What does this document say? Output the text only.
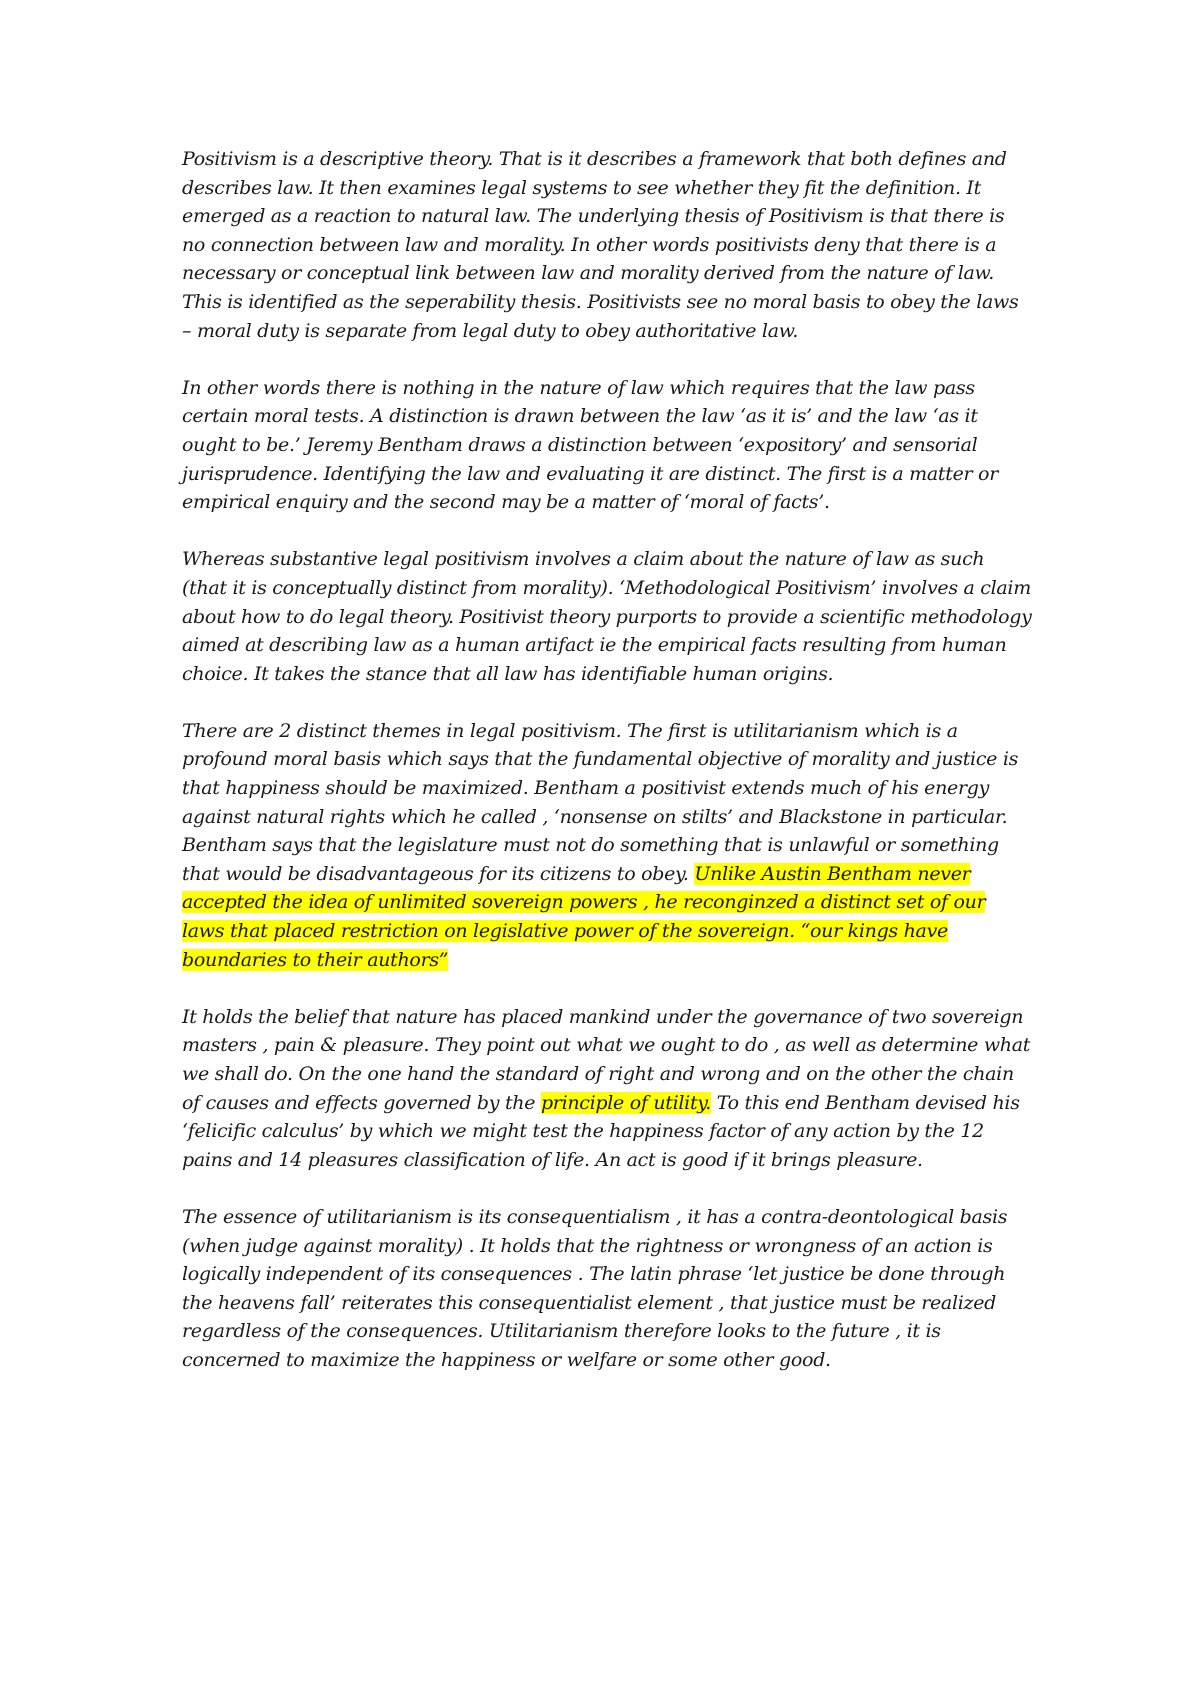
Positivism is a descriptive theory. That is it describes a framework that both defines and describes law. It then examines legal systems to see whether they fit the definition. It emerged as a reaction to natural law. The underlying thesis of Positivism is that there is no connection between law and morality. In other words positivists deny that there is a necessary or conceptual link between law and morality derived from the nature of law. This is identified as the seperability thesis. Positivists see no moral basis to obey the laws – moral duty is separate from legal duty to obey authoritative law.

In other words there is nothing in the nature of law which requires that the law pass certain moral tests. A distinction is drawn between the law ‘as it is’ and the law ‘as it ought to be.’ Jeremy Bentham draws a distinction between ‘expository’ and sensorial jurisprudence. Identifying the law and evaluating it are distinct. The first is a matter or empirical enquiry and the second may be a matter of ‘moral of facts’.

Whereas substantive legal positivism involves a claim about the nature of law as such (that it is conceptually distinct from morality). ‘Methodological Positivism’ involves a claim about how to do legal theory. Positivist theory purports to provide a scientific methodology aimed at describing law as a human artifact ie the empirical facts resulting from human choice. It takes the stance that all law has identifiable human origins.

There are 2 distinct themes in legal positivism. The first is utilitarianism which is a profound moral basis which says that the fundamental objective of morality and justice is that happiness should be maximized. Bentham a positivist extends much of his energy against natural rights which he called , ‘nonsense on stilts’ and Blackstone in particular. Bentham says that the legislature must not do something that is unlawful or something that would be disadvantageous for its citizens to obey. Unlike Austin Bentham never accepted the idea of unlimited sovereign powers , he reconginzed a distinct set of our laws that placed restriction on legislative power of the sovereign. “our kings have boundaries to their authors”

It holds the belief that nature has placed mankind under the governance of two sovereign masters , pain & pleasure. They point out what we ought to do , as well as determine what we shall do. On the one hand the standard of right and wrong and on the other the chain of causes and effects governed by the principle of utility. To this end Bentham devised his ‘felicific calculus’ by which we might test the happiness factor of any action by the 12 pains and 14 pleasures classification of life. An act is good if it brings pleasure.

The essence of utilitarianism is its consequentialism , it has a contra-deontological basis (when judge against morality) . It holds that the rightness or wrongness of an action is logically independent of its consequences . The latin phrase ‘let justice be done through the heavens fall’ reiterates this consequentialist element , that justice must be realized regardless of the consequences. Utilitarianism therefore looks to the future , it is concerned to maximize the happiness or welfare or some other good.
